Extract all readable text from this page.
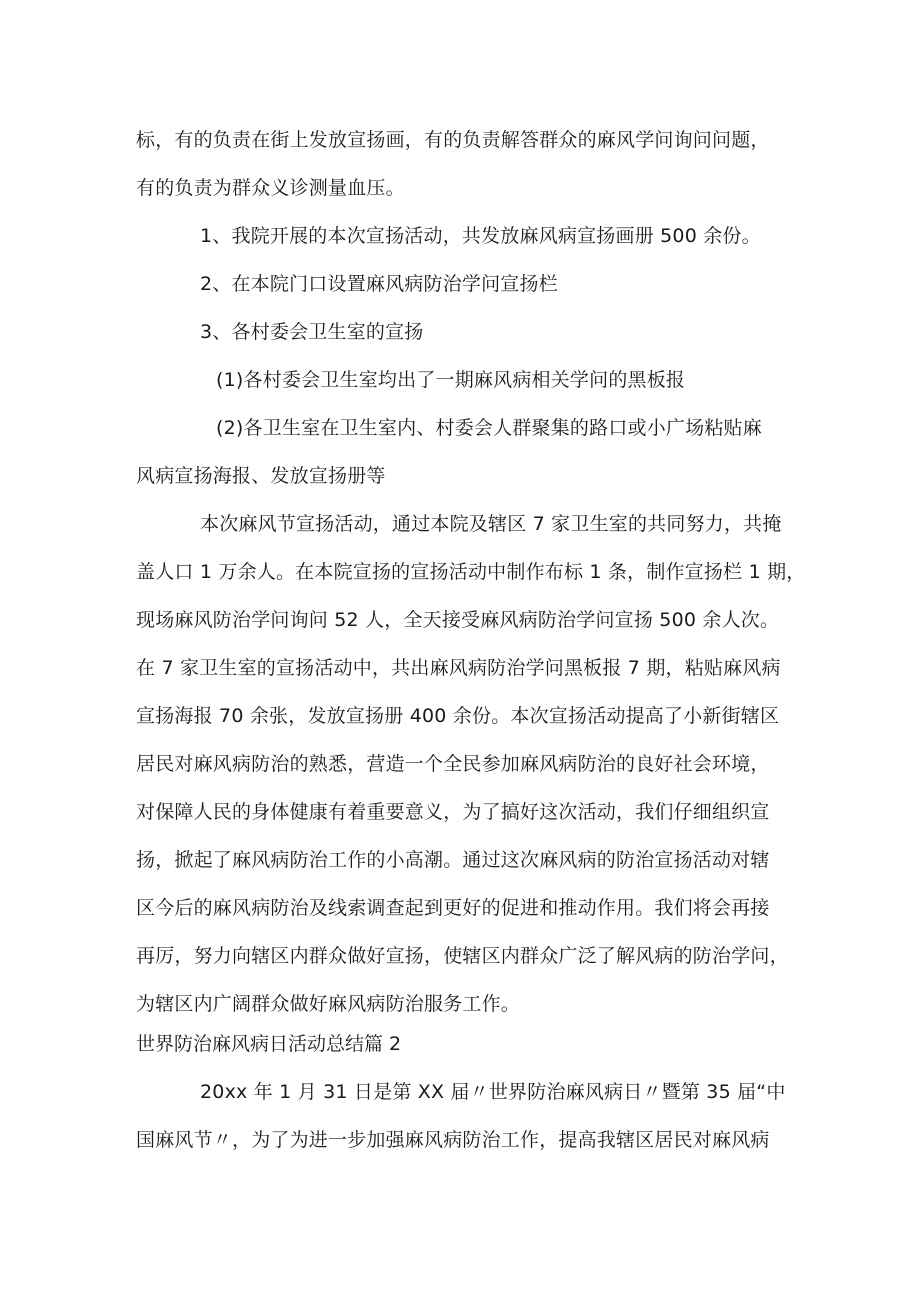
标，有的负责在街上发放宣扬画，有的负责解答群众的麻风学问询问问题，
有的负责为群众义诊测量血压。
1、我院开展的本次宣扬活动，共发放麻风病宣扬画册 500 余份。
2、在本院门口设置麻风病防治学问宣扬栏
3、各村委会卫生室的宣扬
(1)各村委会卫生室均出了一期麻风病相关学问的黑板报
(2)各卫生室在卫生室内、村委会人群聚集的路口或小广场粘贴麻
风病宣扬海报、发放宣扬册等
本次麻风节宣扬活动，通过本院及辖区 7 家卫生室的共同努力，共掩
盖人口 1 万余人。在本院宣扬的宣扬活动中制作布标 1 条，制作宣扬栏 1 期，
现场麻风防治学问询问 52 人，全天接受麻风病防治学问宣扬 500 余人次。
在 7 家卫生室的宣扬活动中，共出麻风病防治学问黑板报 7 期，粘贴麻风病
宣扬海报 70 余张，发放宣扬册 400 余份。本次宣扬活动提高了小新街辖区
居民对麻风病防治的熟悉，营造一个全民参加麻风病防治的良好社会环境，
对保障人民的身体健康有着重要意义，为了搞好这次活动，我们仔细组织宣
扬，掀起了麻风病防治工作的小高潮。通过这次麻风病的防治宣扬活动对辖
区今后的麻风病防治及线索调查起到更好的促进和推动作用。我们将会再接
再厉，努力向辖区内群众做好宣扬，使辖区内群众广泛了解风病的防治学问，
为辖区内广阔群众做好麻风病防治服务工作。
世界防治麻风病日活动总结篇 2
20xx 年 1 月 31 日是第 XX 届〃世界防治麻风病日〃暨第 35 届“中
国麻风节〃，为了为进一步加强麻风病防治工作，提高我辖区居民对麻风病
